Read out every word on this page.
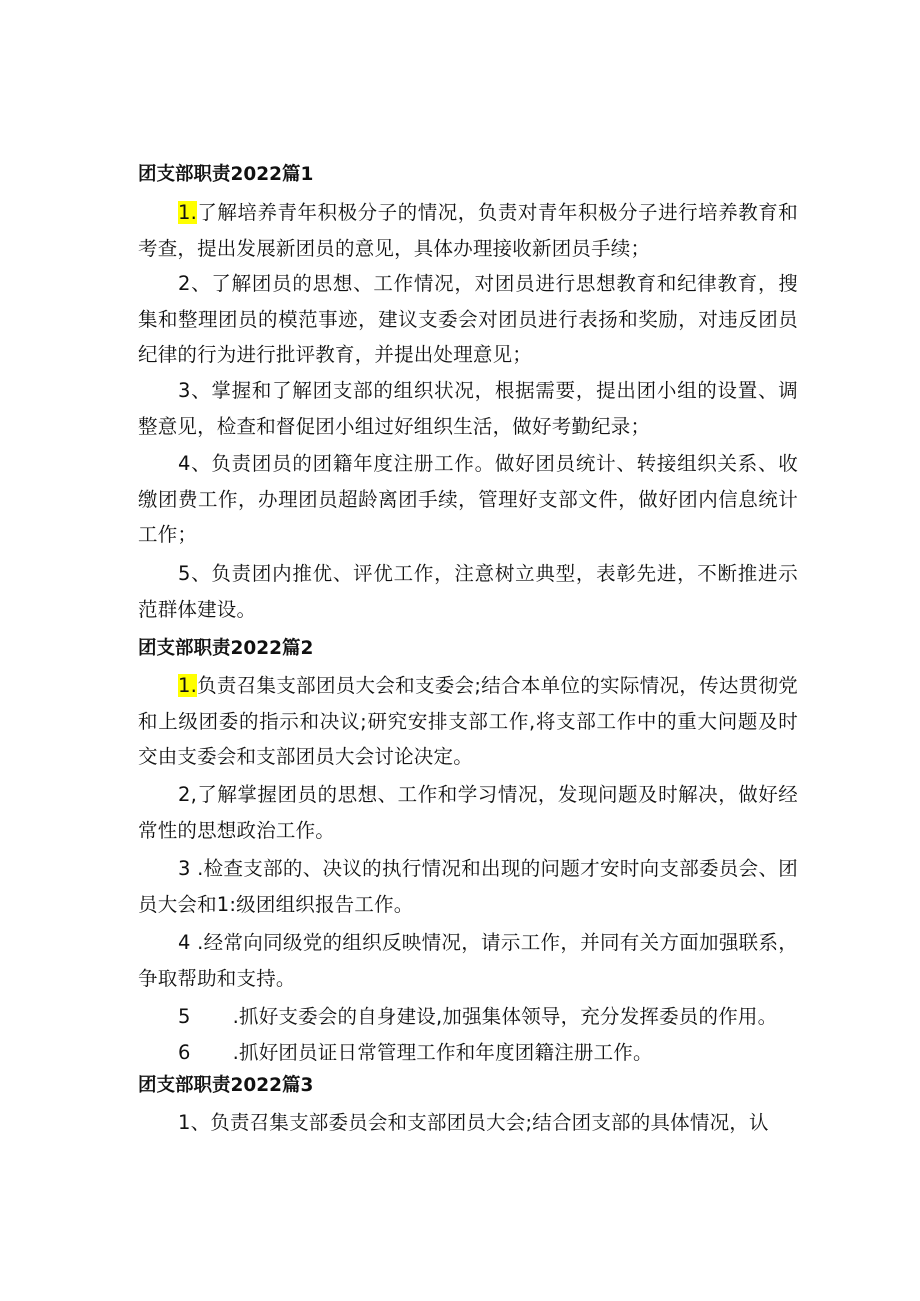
团支部职责2022篇1
1.了解培养青年积极分子的情况，负责对青年积极分子进行培养教育和考查，提出发展新团员的意见，具体办理接收新团员手续；
2、了解团员的思想、工作情况，对团员进行思想教育和纪律教育，搜集和整理团员的模范事迹，建议支委会对团员进行表扬和奖励，对违反团员纪律的行为进行批评教育，并提出处理意见；
3、掌握和了解团支部的组织状况，根据需要，提出团小组的设置、调整意见，检查和督促团小组过好组织生活，做好考勤纪录；
4、负责团员的团籍年度注册工作。做好团员统计、转接组织关系、收缴团费工作，办理团员超龄离团手续，管理好支部文件，做好团内信息统计工作；
5、负责团内推优、评优工作，注意树立典型，表彰先进，不断推进示范群体建设。
团支部职责2022篇2
1.负责召集支部团员大会和支委会;结合本单位的实际情况，传达贯彻党和上级团委的指示和决议;研究安排支部工作,将支部工作中的重大问题及时交由支委会和支部团员大会讨论决定。
2,了解掌握团员的思想、工作和学习情况，发现问题及时解决，做好经常性的思想政治工作。
3 .检查支部的、决议的执行情况和出现的问题才安时向支部委员会、团员大会和1:级团组织报告工作。
4 .经常向同级党的组织反映情况，请示工作，并同有关方面加强联系，争取帮助和支持。
5 .抓好支委会的自身建设,加强集体领导，充分发挥委员的作用。
6 .抓好团员证日常管理工作和年度团籍注册工作。
团支部职责2022篇3
1、负责召集支部委员会和支部团员大会;结合团支部的具体情况，认
